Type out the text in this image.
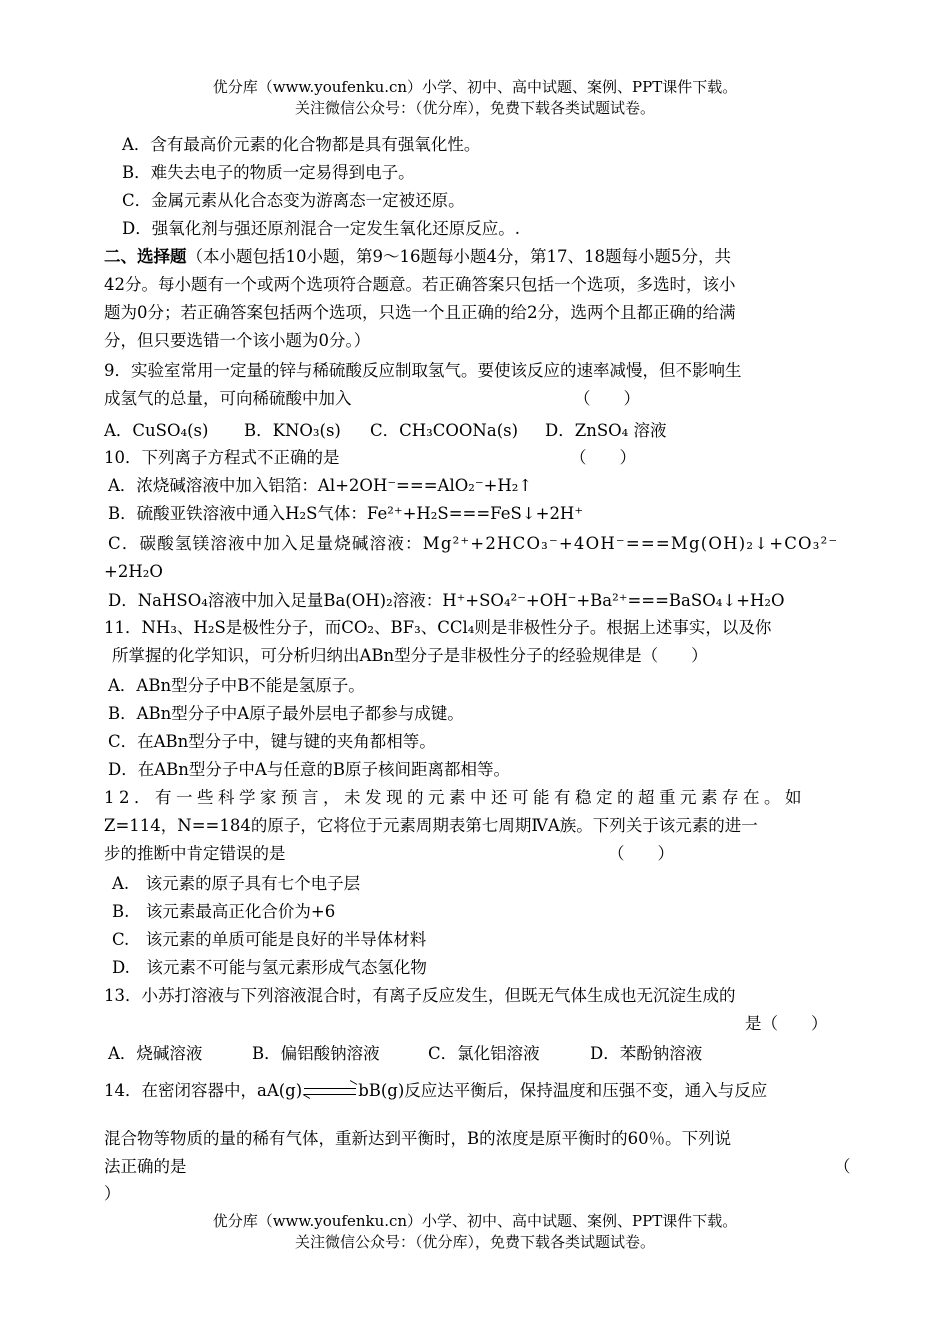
优分库（www.youfenku.cn）小学、初中、高中试题、案例、PPT课件下载。
关注微信公众号：（优分库），免费下载各类试题试卷。
A．含有最高价元素的化合物都是具有强氧化性。
B．难失去电子的物质一定易得到电子。
C．金属元素从化合态变为游离态一定被还原。
D．强氧化剂与强还原剂混合一定发生氧化还原反应。.
二、选择题（本小题包括10小题，第9～16题每小题4分，第17、18题每小题5分，共
42分。每小题有一个或两个选项符合题意。若正确答案只包括一个选项，多选时，该小
题为0分；若正确答案包括两个选项，只选一个且正确的给2分，选两个且都正确的给满
分，但只要选错一个该小题为0分。）
9．实验室常用一定量的锌与稀硫酸反应制取氢气。要使该反应的速率减慢，但不影响生
成氢气的总量，可向稀硫酸中加入	（　　）
A．CuSO₄(s) B．KNO₃(s) C．CH₃COONa(s) D．ZnSO₄ 溶液
10．下列离子方程式不正确的是	（　　）
A．浓烧碱溶液中加入铝箔：Al+2OH⁻===AlO₂⁻+H₂↑
B．硫酸亚铁溶液中通入H₂S气体：Fe²⁺+H₂S===FeS↓+2H⁺
C．碳酸氢镁溶液中加入足量烧碱溶液：Mg²⁺+2HCO₃⁻+4OH⁻===Mg(OH)₂↓+CO₃²⁻
+2H₂O
D．NaHSO₄溶液中加入足量Ba(OH)₂溶液：H⁺+SO₄²⁻+OH⁻+Ba²⁺===BaSO₄↓+H₂O
11．NH₃、H₂S是极性分子，而CO₂、BF₃、CCl₄则是非极性分子。根据上述事实，以及你
所掌握的化学知识，可分析归纳出ABn型分子是非极性分子的经验规律是（　　）
A．ABn型分子中B不能是氢原子。
B．ABn型分子中A原子最外层电子都参与成键。
C．在ABn型分子中，键与键的夹角都相等。
D．在ABn型分子中A与任意的B原子核间距离都相等。
12．有一些科学家预言，未发现的元素中还可能有稳定的超重元素存在。如
Z=114，N==184的原子，它将位于元素周期表第七周期ⅣA族。下列关于该元素的进一
步的推断中肯定错误的是	（　　）
A.　该元素的原子具有七个电子层
B.　该元素最高正化合价为+6
C.　该元素的单质可能是良好的半导体材料
D.　该元素不可能与氢元素形成气态氢化物
13．小苏打溶液与下列溶液混合时，有离子反应发生，但既无气体生成也无沉淀生成的
是（　　）
A．烧碱溶液	B．偏铝酸钠溶液	C．氯化铝溶液	D．苯酚钠溶液
14．在密闭容器中，aA(g)	bB(g)反应达平衡后，保持温度和压强不变，通入与反应
混合物等物质的量的稀有气体，重新达到平衡时，B的浓度是原平衡时的60％。下列说
法正确的是	（
）
优分库（www.youfenku.cn）小学、初中、高中试题、案例、PPT课件下载。
关注微信公众号：（优分库），免费下载各类试题试卷。
